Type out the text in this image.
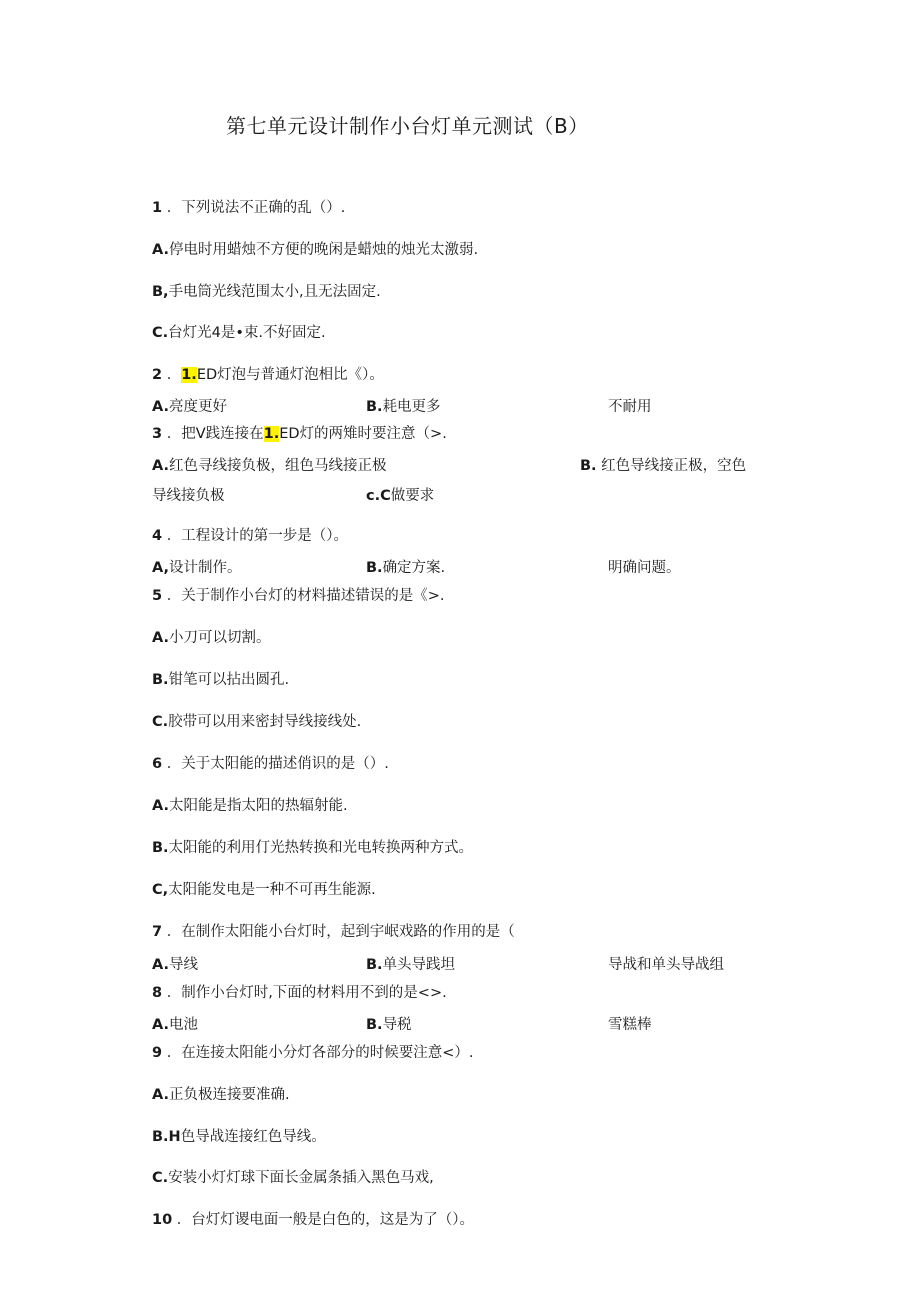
第七单元设计制作小台灯单元测试（B）
1 ．下列说法不正确的乱（）.
A.停电时用蜡烛不方便的晚闲是蜡烛的烛光太激弱.
B,手电筒光线范围太小,且无法固定.
C.台灯光4是•束.不好固定.
2 ．1.ED灯泡与普通灯泡相比《）。
A.亮度更好	B.耗电更多	不耐用
3 ．把V践连接在1.ED灯的两雉时要注意（>.
A.红色寻线接负极，组色马线接正极	B. 红色导线接正极，空色
导线接负极	c.C做要求
4 ．工程设计的第一步是（）。
A,设计制作。	B.确定方案.	明确问题。
5 ．关于制作小台灯的材料描述错误的是《>.
A.小刀可以切割。
B.钳笔可以拈出圆孔.
C.胶带可以用来密封导线接线处.
6 ．关于太阳能的描述俏识的是（）.
A.太阳能是指太阳的热辐射能.
B.太阳能的利用仃光热转换和光电转换两种方式。
C,太阳能发电是一种不可再生能源.
7 ．在制作太阳能小台灯时，起到宇岷戏路的作用的是（
A.导线	B.单头导践坦	导战和单头导战组
8 ．制作小台灯时,下面的材料用不到的是<>.
A.电池	B.导税	雪糕棒
9 ．在连接太阳能小分灯各部分的时候要注意<）.
A.正负极连接要准确.
B.H色导战连接红色导线。
C.安装小灯灯球下面长金属条插入黑色马戏,
10 ．台灯灯谡电面一般是白色的，这是为了（）。
